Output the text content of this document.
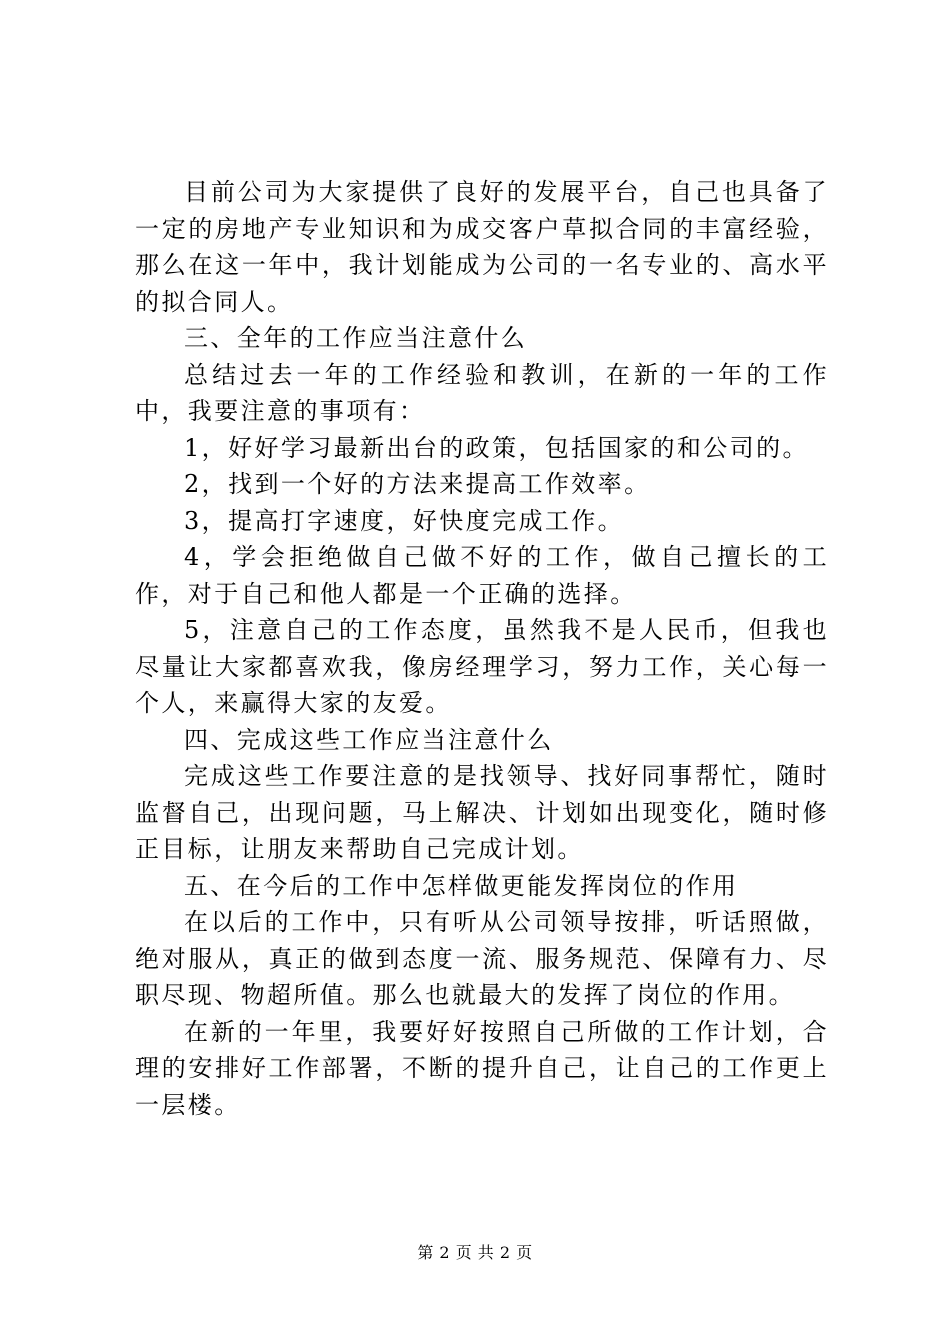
目前公司为大家提供了良好的发展平台，自己也具备了一定的房地产专业知识和为成交客户草拟合同的丰富经验，那么在这一年中，我计划能成为公司的一名专业的、高水平的拟合同人。

三、全年的工作应当注意什么

总结过去一年的工作经验和教训，在新的一年的工作中，我要注意的事项有：

1，好好学习最新出台的政策，包括国家的和公司的。

2，找到一个好的方法来提高工作效率。

3，提高打字速度，好快度完成工作。

4，学会拒绝做自己做不好的工作，做自己擅长的工作，对于自己和他人都是一个正确的选择。

5，注意自己的工作态度，虽然我不是人民币，但我也尽量让大家都喜欢我，像房经理学习，努力工作，关心每一个人，来赢得大家的友爱。

四、完成这些工作应当注意什么

完成这些工作要注意的是找领导、找好同事帮忙，随时监督自己，出现问题，马上解决、计划如出现变化，随时修正目标，让朋友来帮助自己完成计划。

五、在今后的工作中怎样做更能发挥岗位的作用

在以后的工作中，只有听从公司领导按排，听话照做，绝对服从，真正的做到态度一流、服务规范、保障有力、尽职尽现、物超所值。那么也就最大的发挥了岗位的作用。

在新的一年里，我要好好按照自己所做的工作计划，合理的安排好工作部署，不断的提升自己，让自己的工作更上一层楼。

第 2 页 共 2 页
